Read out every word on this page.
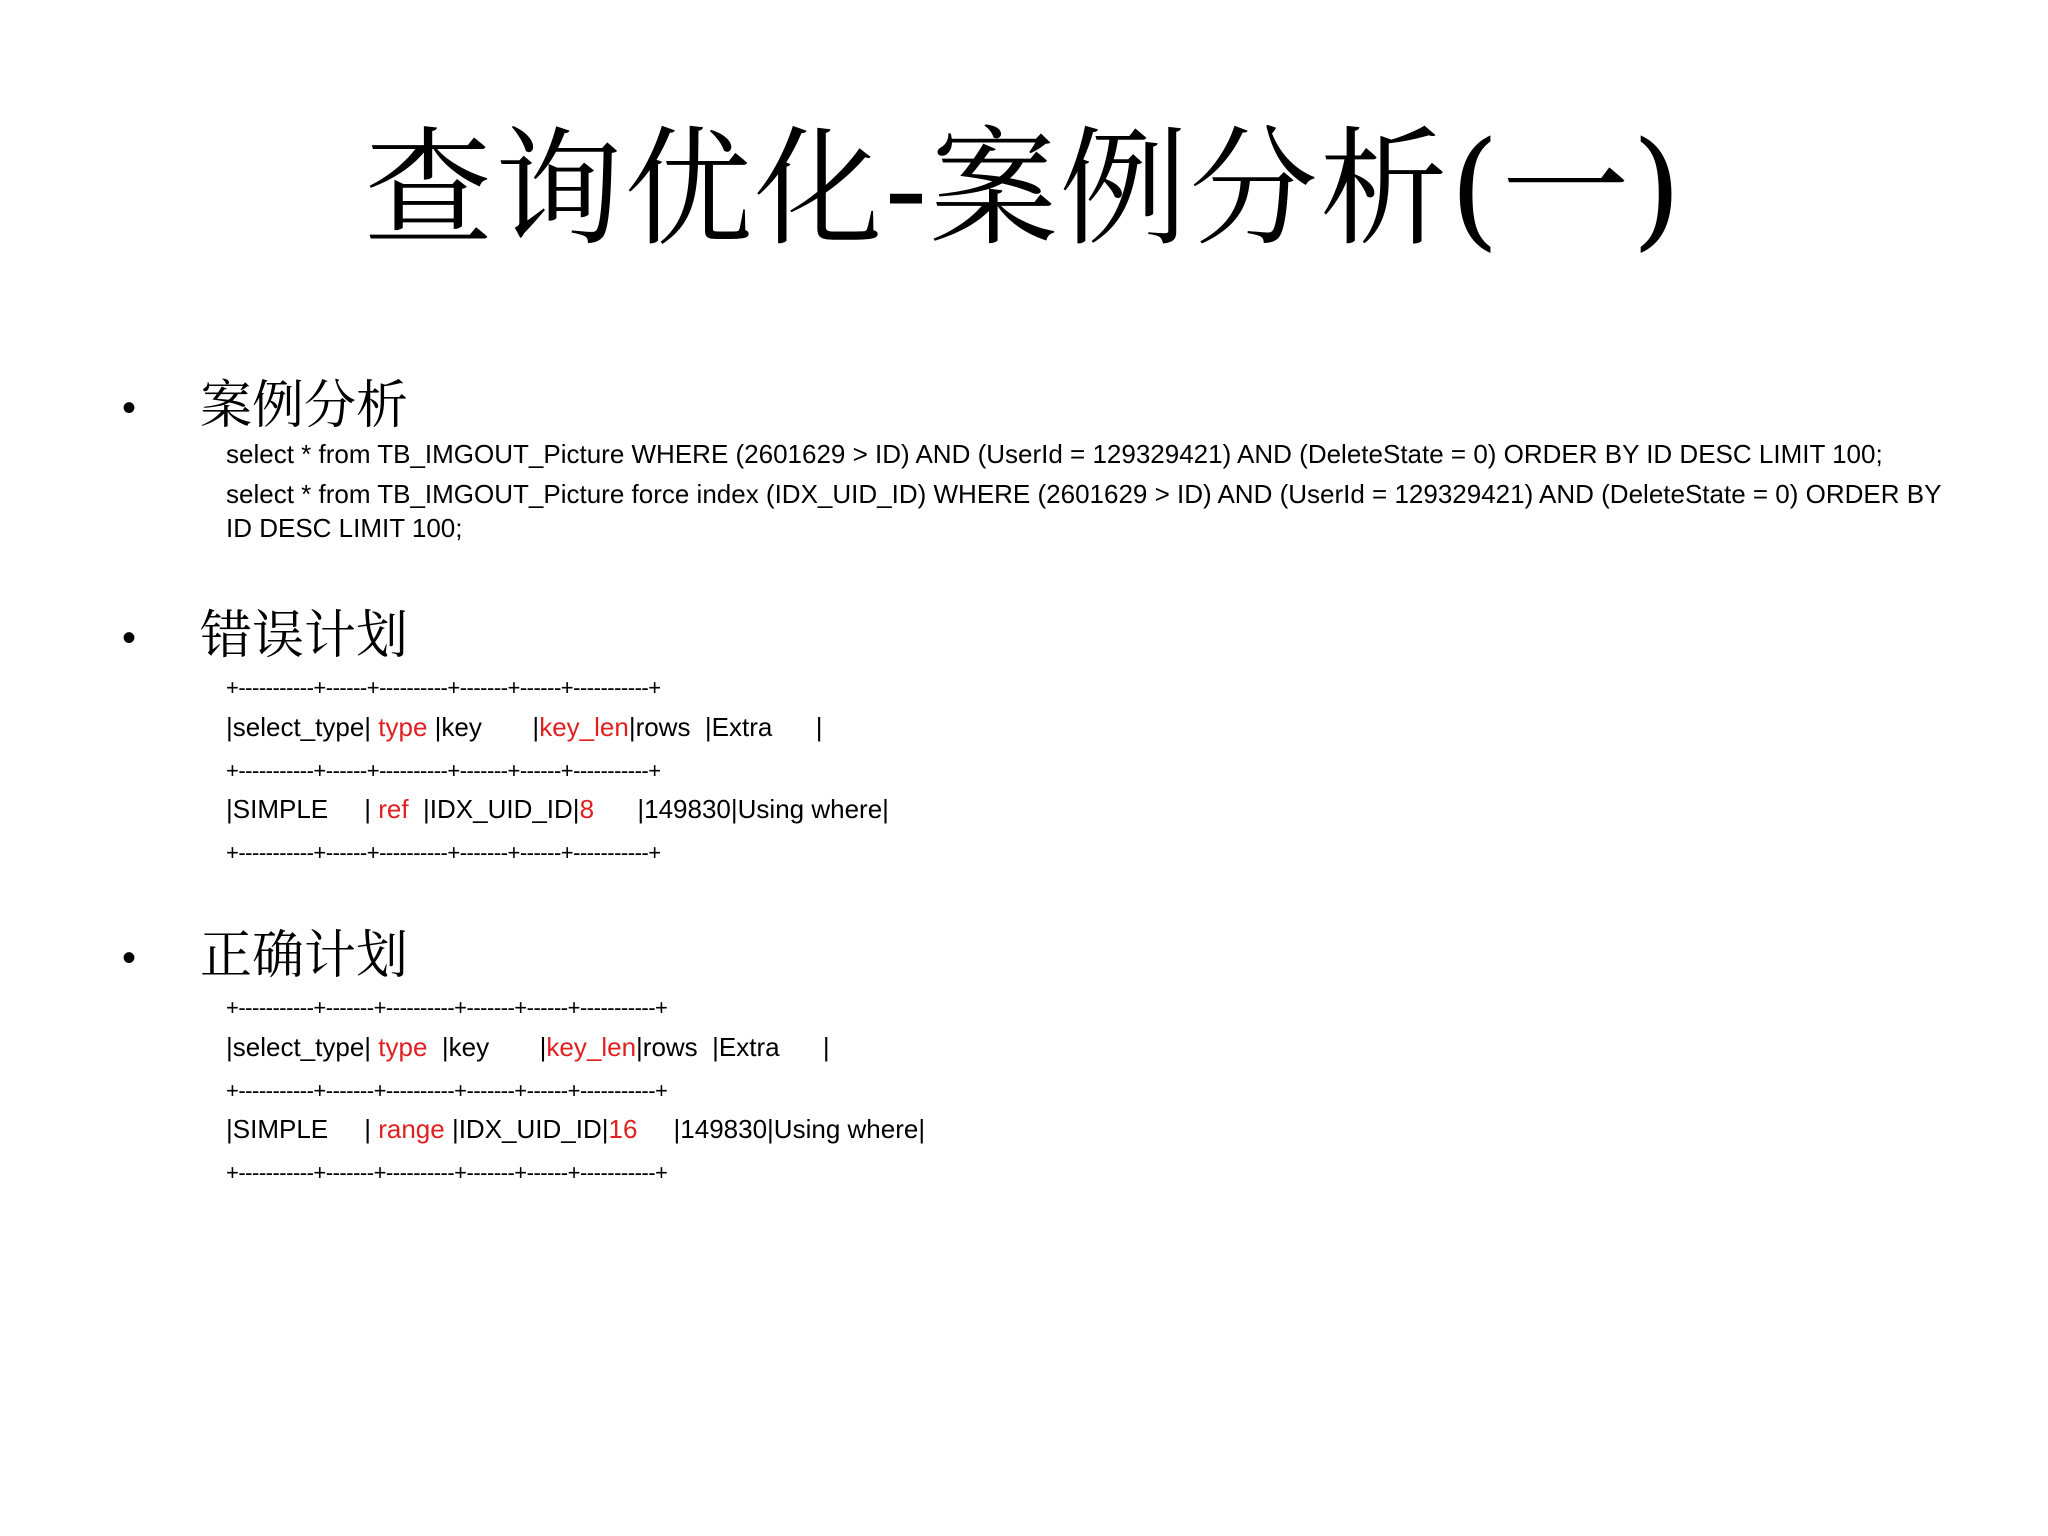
查询优化-案例分析(一)
• 案例分析
select * from TB_IMGOUT_Picture WHERE (2601629 > ID) AND (UserId = 129329421) AND (DeleteState = 0) ORDER BY ID DESC LIMIT 100;
select * from TB_IMGOUT_Picture force index (IDX_UID_ID) WHERE (2601629 > ID) AND (UserId = 129329421) AND (DeleteState = 0) ORDER BY ID DESC LIMIT 100;
• 错误计划
+-----------+------+----------+-------+------+-----------+
|select_type| type |key       |key_len|rows  |Extra      |
+-----------+------+----------+-------+------+-----------+
|SIMPLE     | ref  |IDX_UID_ID|8      |149830|Using where|
+-----------+------+----------+-------+------+-----------+
• 正确计划
+-----------+-------+----------+-------+------+-----------+
|select_type| type  |key       |key_len|rows  |Extra      |
+-----------+-------+----------+-------+------+-----------+
|SIMPLE     | range |IDX_UID_ID|16     |149830|Using where|
+-----------+-------+----------+-------+------+-----------+
